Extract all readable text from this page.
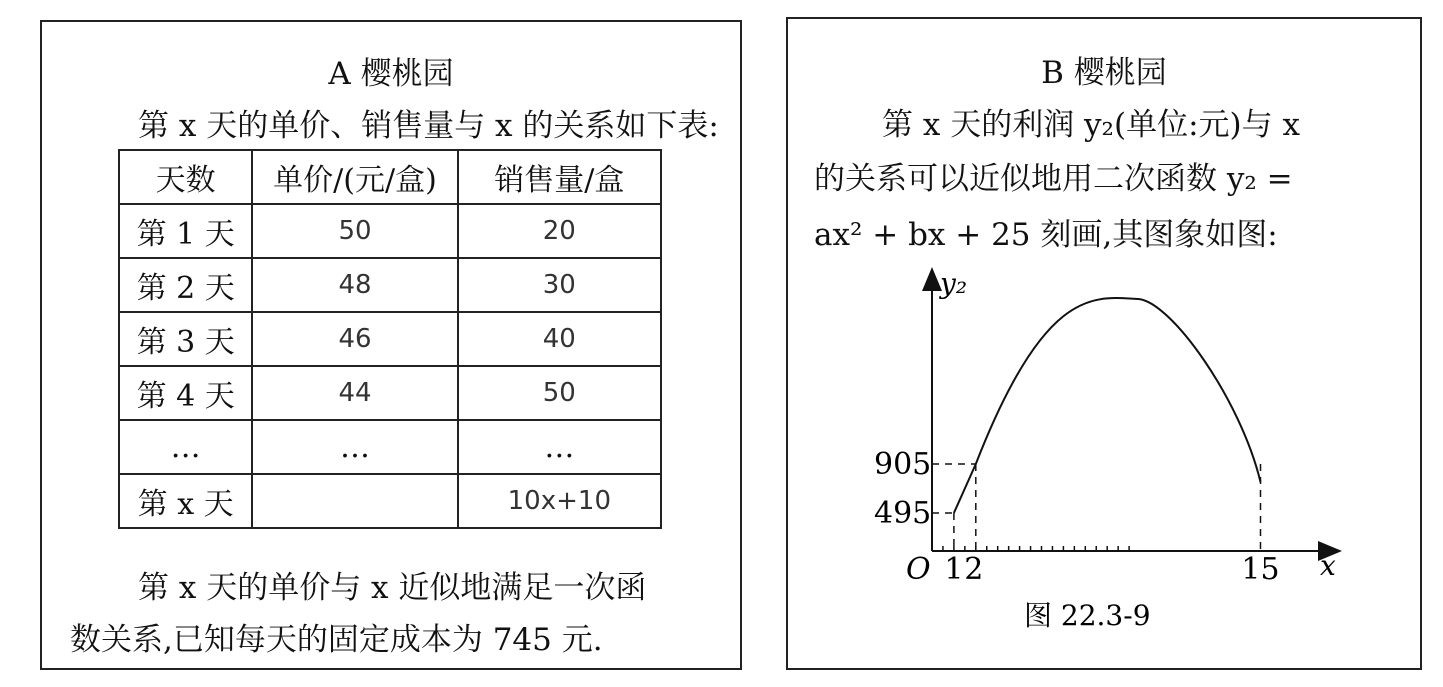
A 樱桃园
第 x 天的单价、销售量与 x 的关系如下表:
天数	单价/(元/盒)	销售量/盒
第 1 天	50	20
第 2 天	48	30
第 3 天	46	40
第 4 天	44	50
…	…	…
第 x 天		10x+10
第 x 天的单价与 x 近似地满足一次函
数关系,已知每天的固定成本为 745 元.
B 樱桃园
第 x 天的利润 y₂(单位:元)与 x
的关系可以近似地用二次函数 y₂ =
ax² + bx + 25 刻画,其图象如图:
y₂
x
O 1 2	15
495
905
图 22.3-9
